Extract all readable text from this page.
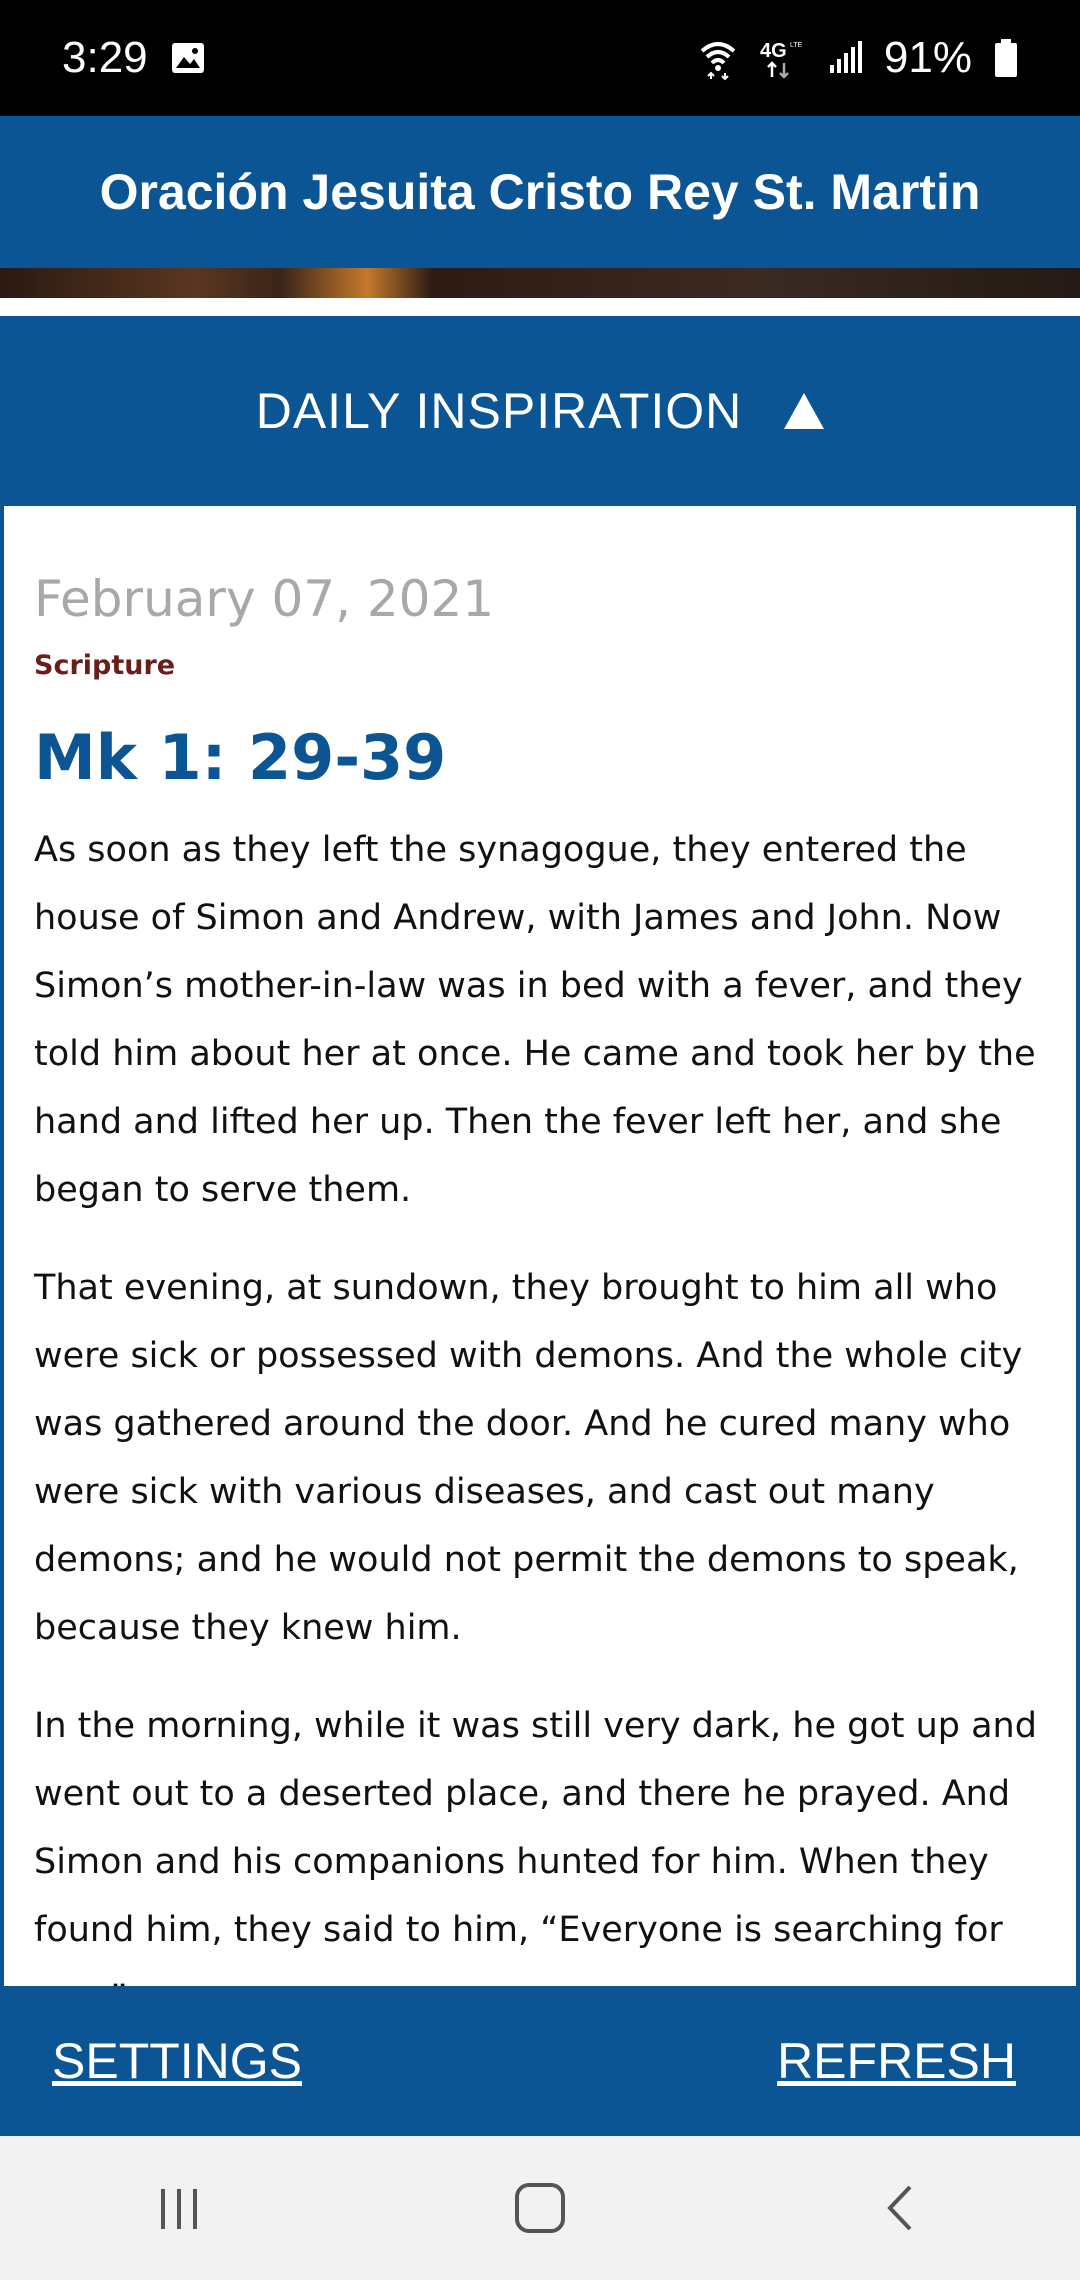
3:29	4G LTE 91%
Oración Jesuita Cristo Rey St. Martin
DAILY INSPIRATION
February 07, 2021
Scripture
Mk 1: 29-39

As soon as they left the synagogue, they entered the house of Simon and Andrew, with James and John. Now Simon’s mother-in-law was in bed with a fever, and they told him about her at once. He came and took her by the hand and lifted her up. Then the fever left her, and she began to serve them.

That evening, at sundown, they brought to him all who were sick or possessed with demons. And the whole city was gathered around the door. And he cured many who were sick with various diseases, and cast out many demons; and he would not permit the demons to speak, because they knew him.

In the morning, while it was still very dark, he got up and went out to a deserted place, and there he prayed. And Simon and his companions hunted for him. When they found him, they said to him, “Everyone is searching for

SETTINGS	REFRESH
